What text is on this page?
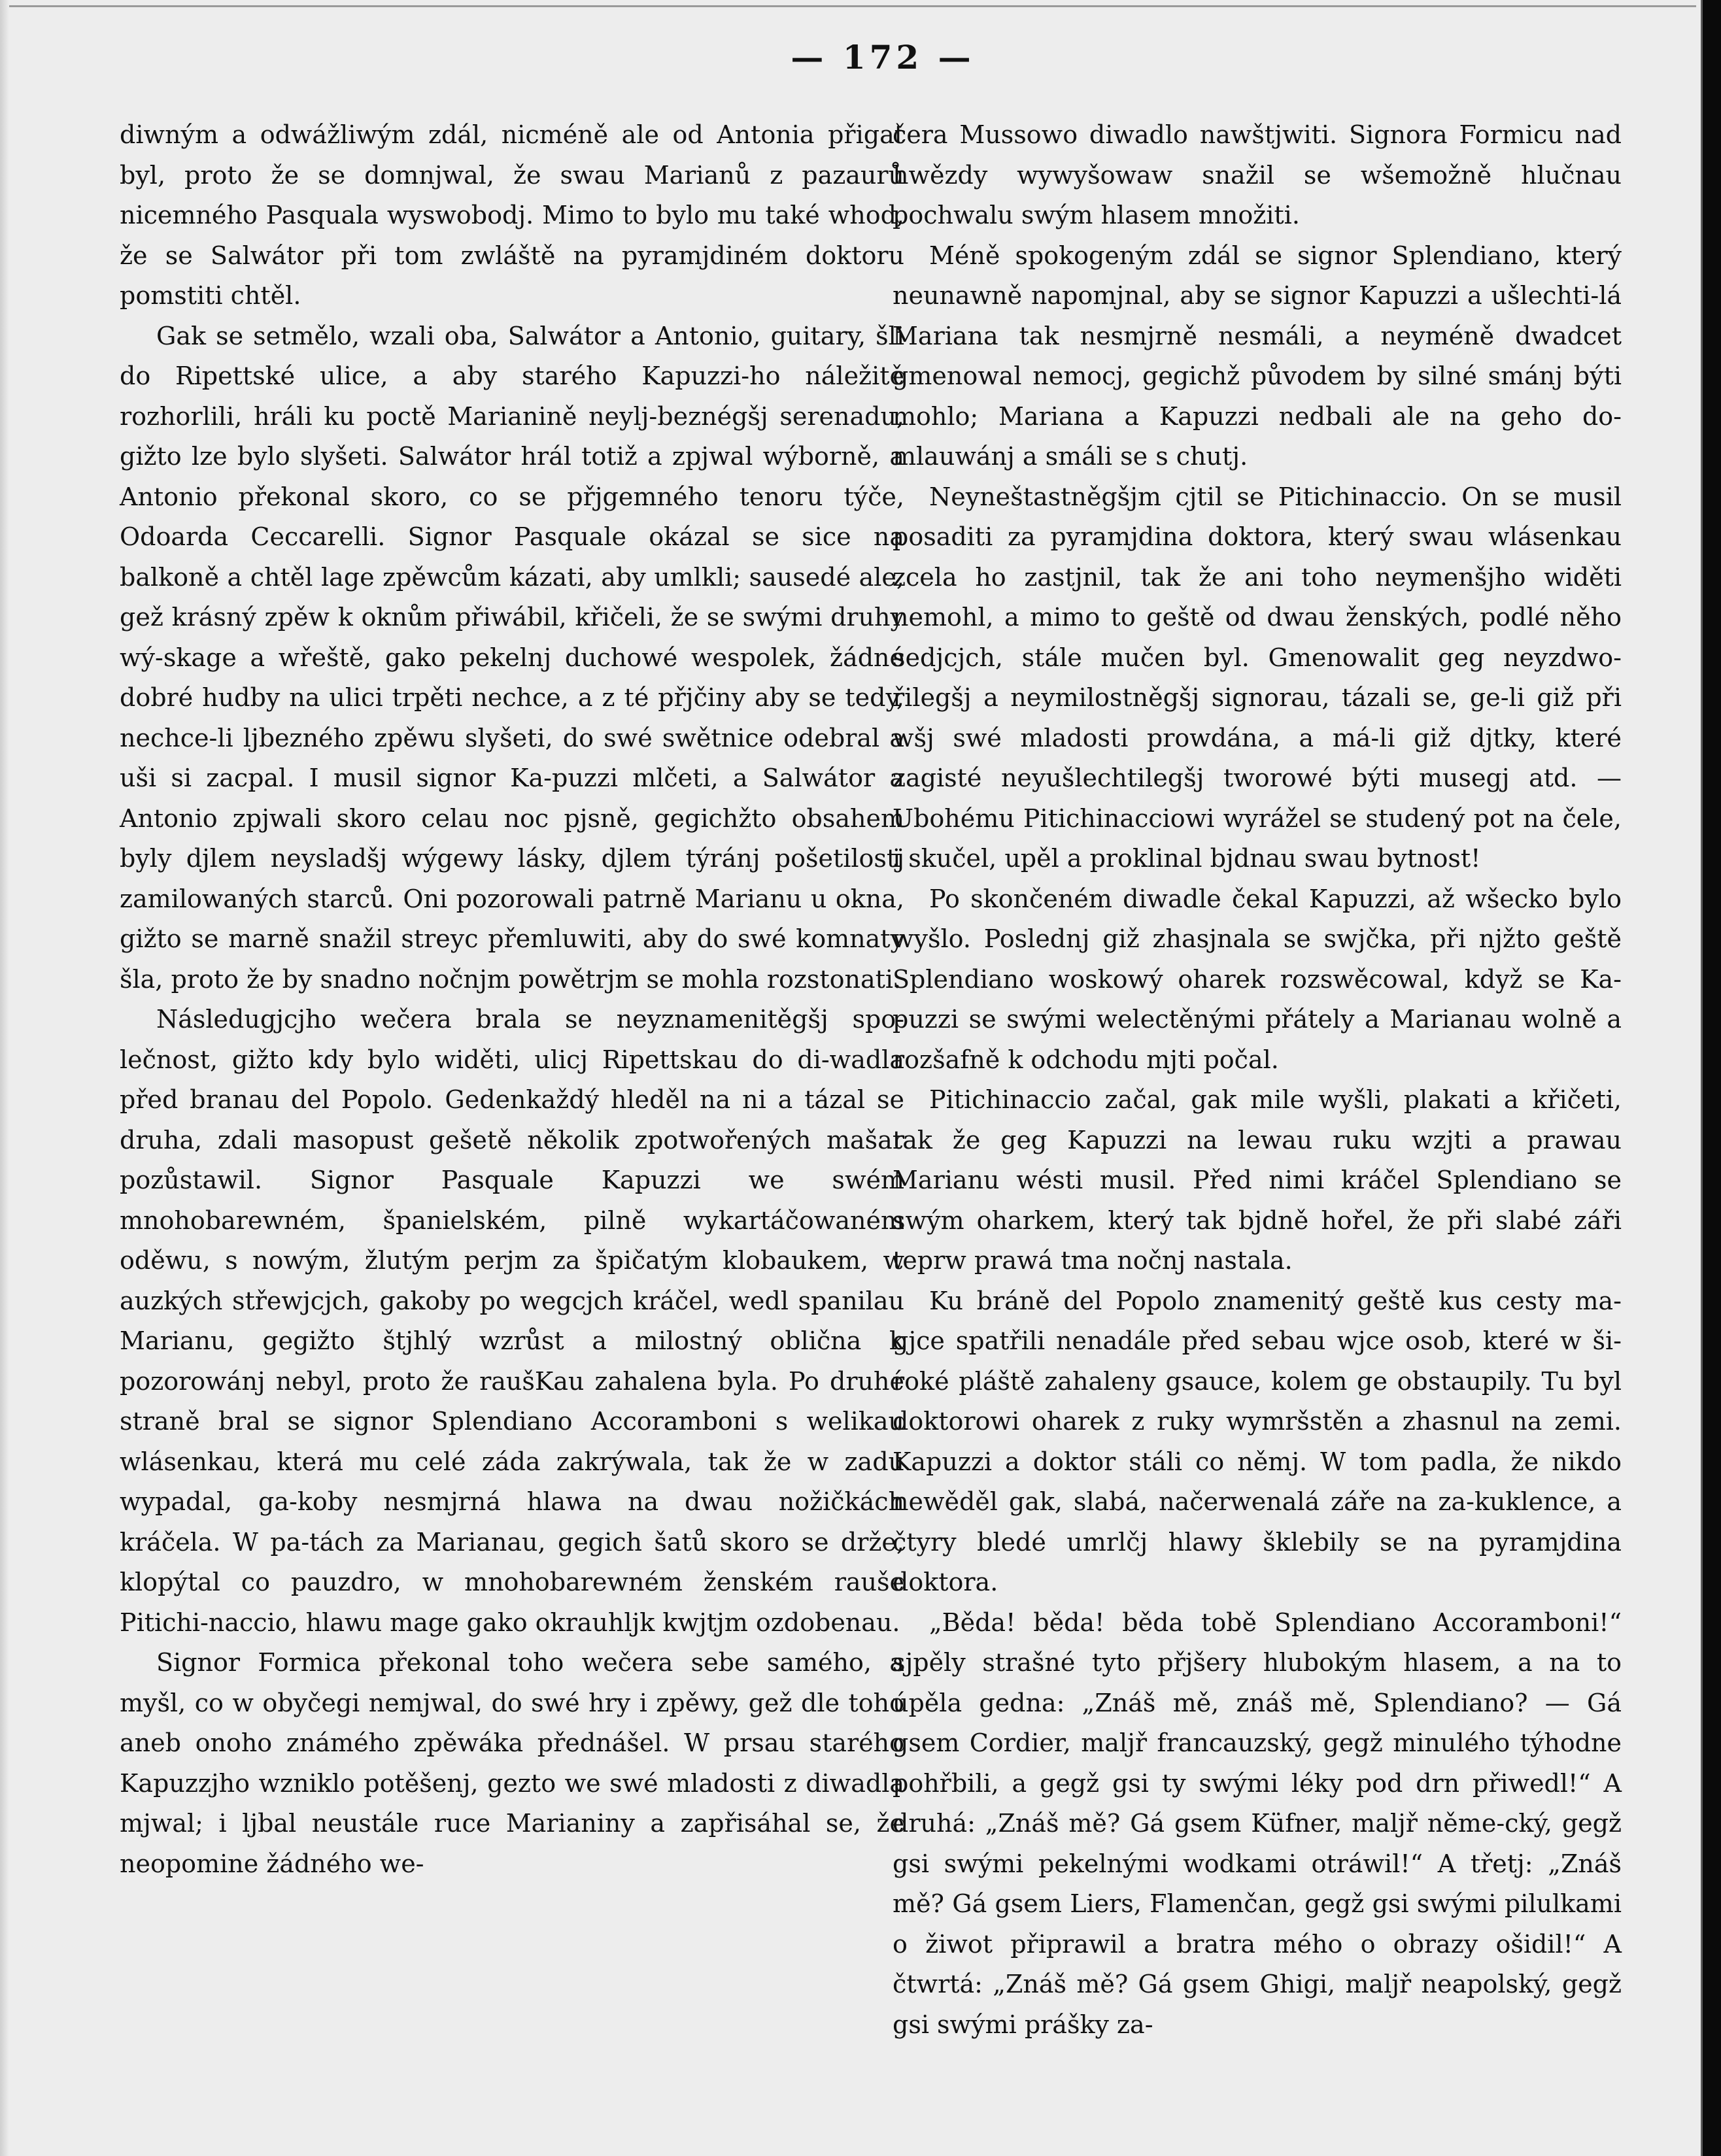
— 172 —

diwným a odwážliwým zdál, nicméně ale od Antonia přigat byl, proto že se domnjwal, že swau Marianů z pazaurů nicemného Pasquala wyswobodj. Mimo to bylo mu také whod, že se Salwátor při tom zwláště na pyramjdiném doktoru pomstiti chtěl.

Gak se setmělo, wzali oba, Salwátor a Antonio, guitary, šli do Ripettské ulice, a aby starého Kapuzzi-ho náležitě rozhorlili, hráli ku poctě Marianině neylj-beznégšj serenadu, gižto lze bylo slyšeti. Salwátor hrál totiž a zpjwal wýborně, a Antonio překonal skoro, co se přjgemného tenoru týče, Odoarda Ceccarelli. Signor Pasquale okázal se sice na balkoně a chtěl lage zpěwcům kázati, aby umlkli; sausedé ale, gež krásný zpěw k oknům přiwábil, křičeli, že se swými druhy wý-skage a wřeště, gako pekelnj duchowé wespolek, žádné dobré hudby na ulici trpěti nechce, a z té přjčiny aby se tedy, nechce-li ljbezného zpěwu slyšeti, do swé swětnice odebral a uši si zacpal. I musil signor Ka-puzzi mlčeti, a Salwátor a Antonio zpjwali skoro celau noc pjsně, gegichžto obsahem byly djlem neysladšj wýgewy lásky, djlem týránj pošetilostj zamilowaných starců. Oni pozorowali patrně Marianu u okna, gižto se marně snažil streyc přemluwiti, aby do swé komnaty šla, proto že by snadno nočnjm powětrjm se mohla rozstonati.

Následugjcjho wečera brala se neyznamenitěgšj spo-lečnost, gižto kdy bylo widěti, ulicj Ripettskau do di-wadla před branau del Popolo. Gedenkaždý hleděl na ni a tázal se druha, zdali masopust gešetě několik zpotwořených mašar pozůstawil. Signor Pasquale Kapuzzi we swém mnohobarewném, španielském, pilně wykartáčowaném oděwu, s nowým, žlutým perjm za špičatým klobaukem, w auzkých střewjcjch, gakoby po wegcjch kráčel, wedl spanilau Marianu, gegižto štjhlý wzrůst a milostný oblična k pozorowánj nebyl, proto že raušKau zahalena byla. Po druhé straně bral se signor Splendiano Accoramboni s welikau wlásenkau, která mu celé záda zakrýwala, tak že w zadu wypadal, ga-koby nesmjrná hlawa na dwau nožičkách kráčela. W pa-tách za Marianau, gegich šatů skoro se drže, klopýtal co pauzdro, w mnohobarewném ženském rauše Pitichi-naccio, hlawu mage gako okrauhljk kwjtjm ozdobenau.

Signor Formica překonal toho wečera sebe samého, a myšl, co w obyčegi nemjwal, do swé hry i zpěwy, gež dle toho aneb onoho známého zpěwáka přednášel. W prsau starého Kapuzzjho wzniklo potěšenj, gezto we swé mladosti z diwadla mjwal; i ljbal neustále ruce Marianiny a zapřisáhal se, že neopomine žádného we-

čera Mussowo diwadlo nawštjwiti. Signora Formicu nad hwězdy wywyšowaw snažil se wšemožně hlučnau pochwalu swým hlasem množiti.

Méně spokogeným zdál se signor Splendiano, který neunawně napomjnal, aby se signor Kapuzzi a ušlechti-lá Mariana tak nesmjrně nesmáli, a neyméně dwadcet gmenowal nemocj, gegichž původem by silné smánj býti mohlo; Mariana a Kapuzzi nedbali ale na geho do-mlauwánj a smáli se s chutj.

Neyneštastněgšjm cjtil se Pitichinaccio. On se musil posaditi za pyramjdina doktora, který swau wlásenkau zcela ho zastjnil, tak že ani toho neymenšjho widěti nemohl, a mimo to geště od dwau ženských, podlé něho sedjcjch, stále mučen byl. Gmenowalit geg neyzdwo-řilegšj a neymilostněgšj signorau, tázali se, ge-li giž při wšj swé mladosti prowdána, a má-li giž djtky, které zagisté neyušlechtilegšj tworowé býti musegj atd. — Ubohému Pitichinacciowi wyrážel se studený pot na čele, i skučel, upěl a proklinal bjdnau swau bytnost!

Po skončeném diwadle čekal Kapuzzi, až wšecko bylo wyšlo. Poslednj giž zhasjnala se swjčka, při njžto geště Splendiano woskowý oharek rozswěcowal, když se Ka-puzzi se swými welectěnými přátely a Marianau wolně a rozšafně k odchodu mjti počal.

Pitichinaccio začal, gak mile wyšli, plakati a křičeti, tak že geg Kapuzzi na lewau ruku wzjti a prawau Marianu wésti musil. Před nimi kráčel Splendiano se swým oharkem, který tak bjdně hořel, že při slabé záři teprw prawá tma nočnj nastala.

Ku bráně del Popolo znamenitý geště kus cesty ma-gjce spatřili nenadále před sebau wjce osob, které w ši-roké pláště zahaleny gsauce, kolem ge obstaupily. Tu byl doktorowi oharek z ruky wymršstěn a zhasnul na zemi. Kapuzzi a doktor stáli co němj. W tom padla, že nikdo newěděl gak, slabá, načerwenalá záře na za-kuklence, a čtyry bledé umrlčj hlawy šklebily se na pyramjdina doktora.

„Běda! běda! běda tobě Splendiano Accoramboni!“ sjpěly strašné tyto přjšery hlubokým hlasem, a na to úpěla gedna: „Znáš mě, znáš mě, Splendiano? — Gá gsem Cordier, maljř francauzský, gegž minulého týhodne pohřbili, a gegž gsi ty swými léky pod drn přiwedl!“ A druhá: „Znáš mě? Gá gsem Küfner, maljř něme-cký, gegž gsi swými pekelnými wodkami otráwil!“ A třetj: „Znáš mě? Gá gsem Liers, Flamenčan, gegž gsi swými pilulkami o žiwot připrawil a bratra mého o obrazy ošidil!“ A čtwrtá: „Znáš mě? Gá gsem Ghigi, maljř neapolský, gegž gsi swými prášky za-
